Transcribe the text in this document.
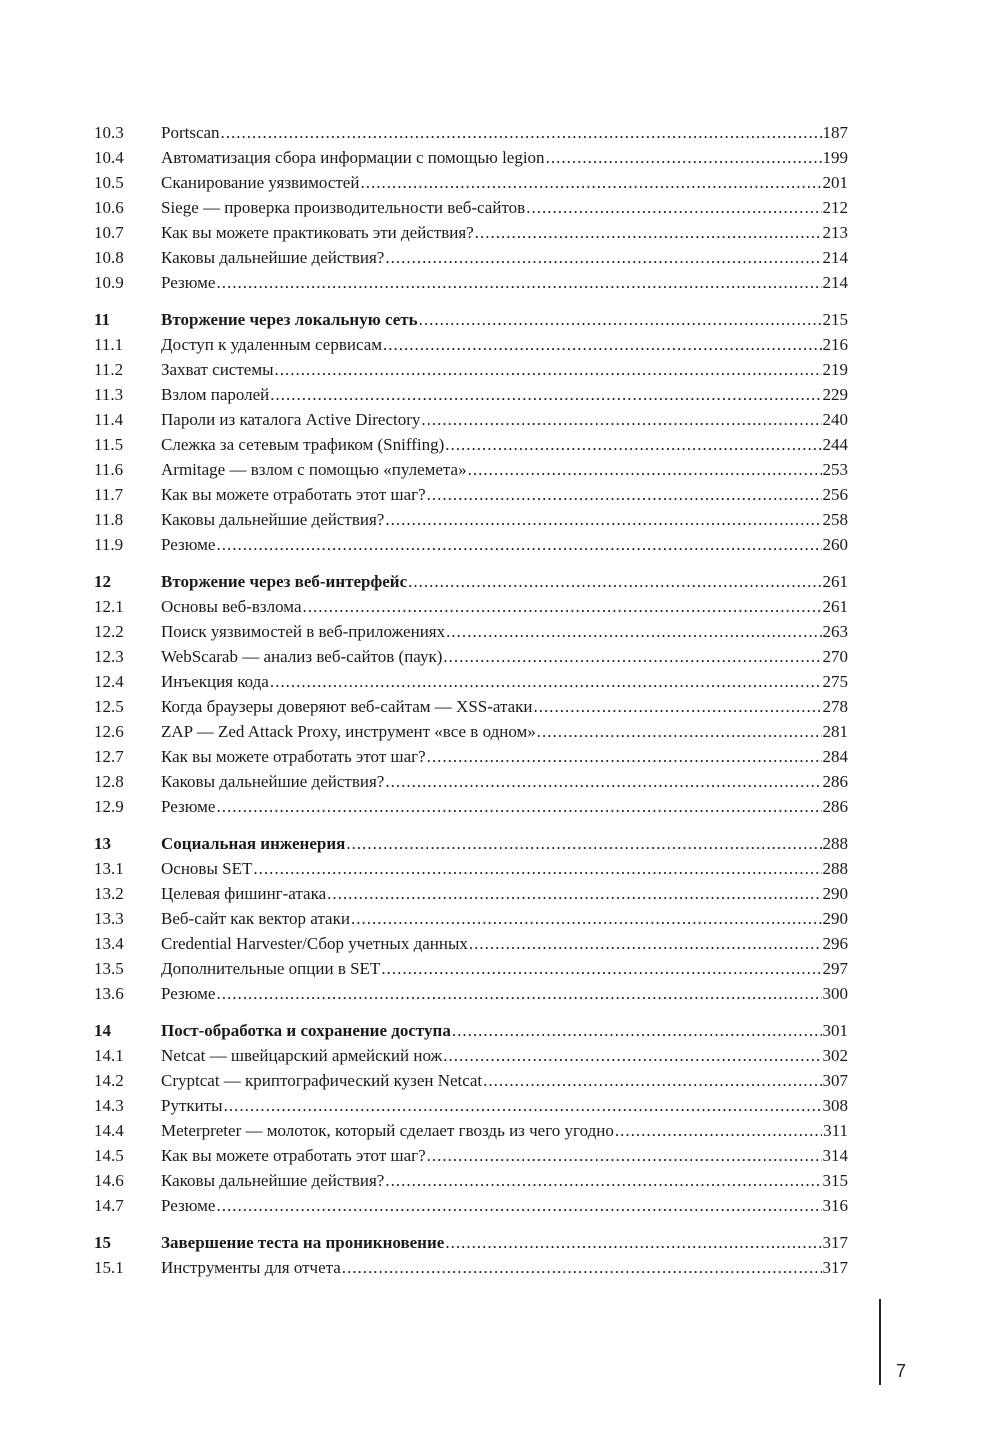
10.3	Portscan .....	187
10.4	Автоматизация сбора информации с помощью legion .....	199
10.5	Сканирование уязвимостей .....	201
10.6	Siege — проверка производительности веб-сайтов .....	212
10.7	Как вы можете практиковать эти действия? .....	213
10.8	Каковы дальнейшие действия? .....	214
10.9	Резюме .....	214
11	Вторжение через локальную сеть .....	215
11.1	Доступ к удаленным сервисам .....	216
11.2	Захват системы .....	219
11.3	Взлом паролей .....	229
11.4	Пароли из каталога Active Directory .....	240
11.5	Слежка за сетевым трафиком (Sniffing) .....	244
11.6	Armitage — взлом с помощью «пулемета» .....	253
11.7	Как вы можете отработать этот шаг? .....	256
11.8	Каковы дальнейшие действия? .....	258
11.9	Резюме .....	260
12	Вторжение через веб-интерфейс .....	261
12.1	Основы веб-взлома .....	261
12.2	Поиск уязвимостей в веб-приложениях .....	263
12.3	WebScarab — анализ веб-сайтов (паук) .....	270
12.4	Инъекция кода .....	275
12.5	Когда браузеры доверяют веб-сайтам — XSS-атаки .....	278
12.6	ZAP — Zed Attack Proxy, инструмент «все в одном» .....	281
12.7	Как вы можете отработать этот шаг? .....	284
12.8	Каковы дальнейшие действия? .....	286
12.9	Резюме .....	286
13	Социальная инженерия .....	288
13.1	Основы SET .....	288
13.2	Целевая фишинг-атака .....	290
13.3	Веб-сайт как вектор атаки .....	290
13.4	Credential Harvester/Сбор учетных данных .....	296
13.5	Дополнительные опции в SET .....	297
13.6	Резюме .....	300
14	Пост-обработка и сохранение доступа .....	301
14.1	Netcat — швейцарский армейский нож .....	302
14.2	Cryptcat — криптографический кузен Netcat .....	307
14.3	Руткиты .....	308
14.4	Meterpreter — молоток, который сделает гвоздь из чего угодно .....	311
14.5	Как вы можете отработать этот шаг? .....	314
14.6	Каковы дальнейшие действия? .....	315
14.7	Резюме .....	316
15	Завершение теста на проникновение .....	317
15.1	Инструменты для отчета .....	317
7
